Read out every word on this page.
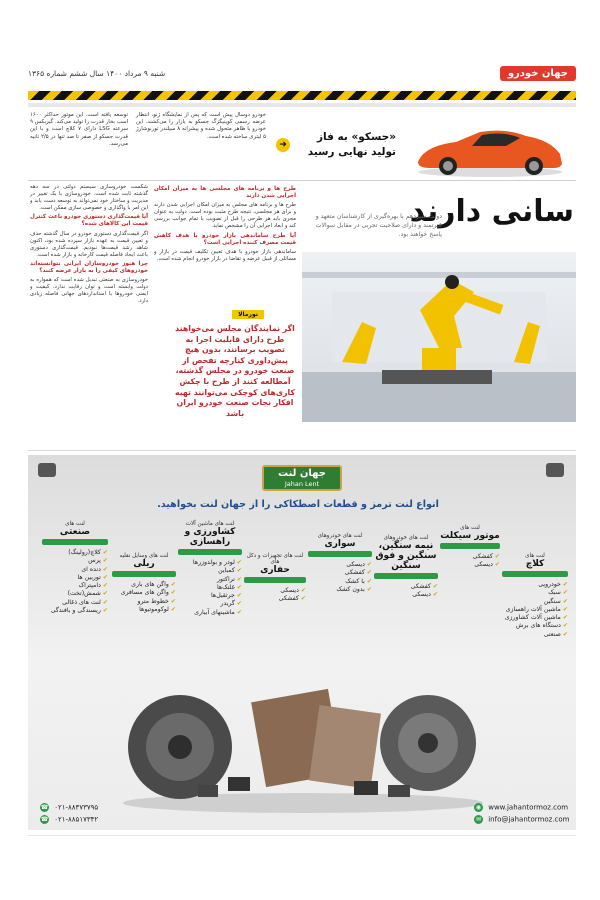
جهان خودرو
شنبه ۹ مرداد ۱۴۰۰ سال ششم شماره ۱۳۶۵
«جسکو» به فاز تولید نهایی رسید
➜
خودرو دوسال پیش است که پس از نمایشگاه ژنو، انتظار عرضه رسمی کوینیگزگ جسکو به بازار را می‌کشند. این خودرو با ظاهر متحول شده و پیشرانه ۸ سیلندر توربوشارژ ۵ لیتری ساخته شده است.
توسعه یافته است. این موتور حداکثر ۱۶۰۰ اسب بخار قدرت را تولید می‌کند. گیربکس ۹ سرعته LSG دارای ۷ کلاچ است و با این قدرت جسکو از صفر تا صد تنها در ۲/۵ ثانیه می‌رسد.
طرح ها و برنامه های مجلسی ها به میزان امکان اجرایی شدن دارند
طرح ها و برنامه های مجلس به میزان امکان اجرایی شدن دارند و برای هر مجلسی، نتیجه طرح مثبت بوده است. دولت به عنوان مجری باید هر طرحی را قبل از تصویب با تمام جوانب بررسی کند و ابعاد اجرایی آن را مشخص نماید.
آیا طرح ساماندهی بازار خودرو با هدف کاهش قیمت مصرف کننده اجرایی است؟
ساماندهی بازار خودرو با هدف تعیین تکلیف قیمت در بازار و مسائلی از قبیل عرضه و تقاضا در بازار خودرو انجام شده است.
شکست خودروسازی سیستم دولتی در سه دهه گذشته ثابت شده است. خودروسازی با یک تغییر در مدیریت و ساختار خود نمی‌تواند به توسعه دست یابد و این امر با واگذاری و خصوصی سازی ممکن است.
آیا قیمت‌گذاری دستوری خودرو باعث کنترل قیمت این کالاهای شده؟
اگر قیمت‌گذاری دستوری خودرو در سال گذشته حذف و تعیین قیمت به عهده بازار سپرده شده بود، اکنون شاهد رشد قیمت‌ها نبودیم. قیمت‌گذاری دستوری باعث ایجاد فاصله قیمت کارخانه و بازار شده است.
چرا هنوز خودروسازان ایرانی نتوانسته‌اند خودرو‌های کیفی را به بازار عرضه کنند؟
خودروسازی به صنعتی تبدیل شده است که همواره به دولت وابسته است و توان رقابت ندارد. کیفیت و ایمنی خودروها با استانداردهای جهانی فاصله زیادی دارد.
سانی دارند
دولت سیزدهم با بهره‌گیری از کارشناسان متعهد و غیرتمند و دارای صلاحیت تجربی در مقابل سوالات پاسخ خواهند بود.
نورمالا
اگر نمایندگان مجلس می‌خواهند طرح دارای قابلیت اجرا به تصویب برسانند، بدون هیچ پیش‌داوری کنارچه تفحص از صنعت خودرو در مجلس گذشته، آمطالعه کنند از طرح با چکش کاری‌های کوچکی می‌توانند تهیه افکار نجات صنعت خودرو ایران باشد
جهان لنت
Jahan Lent
انواع لنت ترمز و قطعات اصطکاکی را از جهان لنت بخواهید.
لنت های
صنعتی
✔ کلاچ(رولینگ)
✔ پرس
✔ دنده ای
✔ توربین ها
✔ دامپتراک
✔ شمش(تخت)
✔ لنت های ذغالی
✔ ریسندگی و بافندگی
لنت های وسایل نقلیه
ریلی
✔ واگن های باری
✔ واگن های مسافری
✔ خطوط مترو
✔ لوکوموتیوها
لنت های ماشین آلات
کشاورزی و راهسازی
✔ لودر و بولدوزرها
✔ کمباین
✔ تراکتور
✔ غلتک‌ها
✔ جرثقیل‌ها
✔ گریدر
✔ ماشینهای آبیاری
لنت های تجهیزات و دکل های
حفاری
✔ دیسکی
✔ کفشکی
لنت های خودروهای
سواری
✔ دیسکی
✔ کفشکی
✔ با کشک
✔ بدون کشک
لنت های خودروهای
نیمه سنگین، سنگین و فوق سنگین
✔ کفشکی
✔ دیسکی
لنت های
موتور سیکلت
✔ کفشکی
✔ دیسکی
لنت های
کلاچ
✔ خودرویی
✔ سبک
✔ سنگین
✔ ماشین آلات راهسازی
✔ ماشین آلات کشاورزی
✔ دستگاه های برش
✔ صنعتی
☎ ۰۲۱-۸۸۳۷۳۷۹۵
☎ ۰۲۱-۸۸۵۱۷۳۴۲
◉ www.jahantormoz.com
✉ info@jahantormoz.com
